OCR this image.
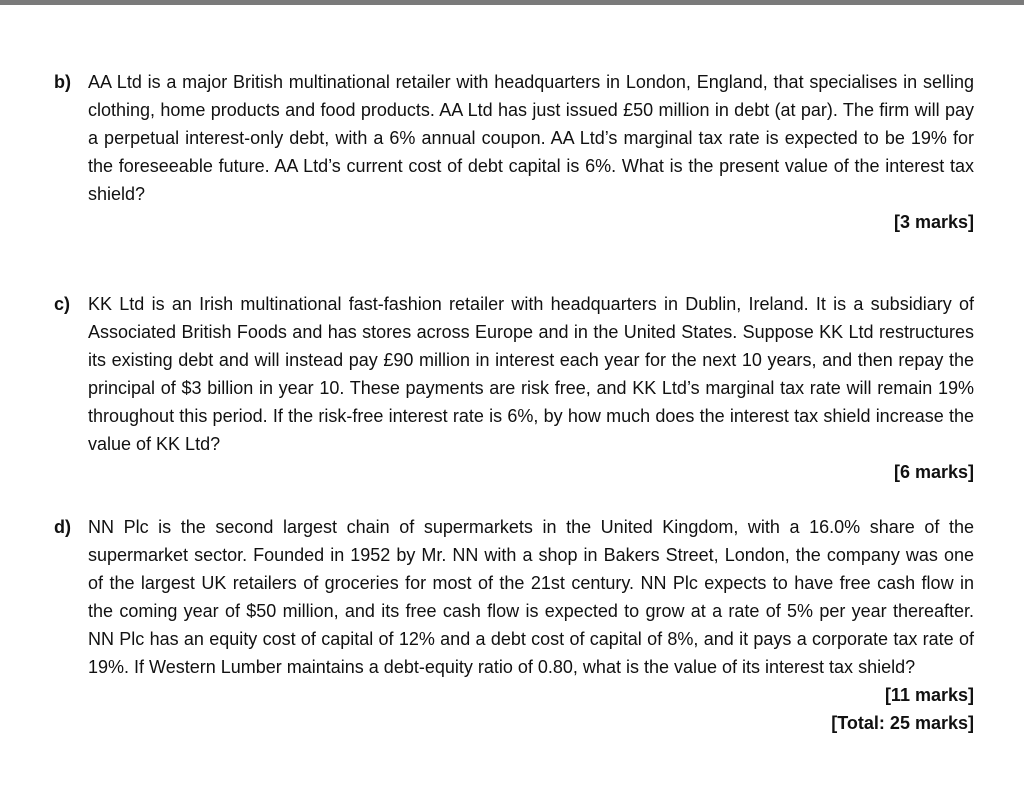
b) AA Ltd is a major British multinational retailer with headquarters in London, England, that specialises in selling clothing, home products and food products. AA Ltd has just issued £50 million in debt (at par). The firm will pay a perpetual interest-only debt, with a 6% annual coupon. AA Ltd’s marginal tax rate is expected to be 19% for the foreseeable future. AA Ltd’s current cost of debt capital is 6%. What is the present value of the interest tax shield?
[3 marks]
c) KK Ltd is an Irish multinational fast-fashion retailer with headquarters in Dublin, Ireland. It is a subsidiary of Associated British Foods and has stores across Europe and in the United States. Suppose KK Ltd restructures its existing debt and will instead pay £90 million in interest each year for the next 10 years, and then repay the principal of $3 billion in year 10. These payments are risk free, and KK Ltd’s marginal tax rate will remain 19% throughout this period. If the risk-free interest rate is 6%, by how much does the interest tax shield increase the value of KK Ltd?
[6 marks]
d) NN Plc is the second largest chain of supermarkets in the United Kingdom, with a 16.0% share of the supermarket sector. Founded in 1952 by Mr. NN with a shop in Bakers Street, London, the company was one of the largest UK retailers of groceries for most of the 21st century. NN Plc expects to have free cash flow in the coming year of $50 million, and its free cash flow is expected to grow at a rate of 5% per year thereafter. NN Plc has an equity cost of capital of 12% and a debt cost of capital of 8%, and it pays a corporate tax rate of 19%. If Western Lumber maintains a debt-equity ratio of 0.80, what is the value of its interest tax shield?
[11 marks]
[Total: 25 marks]
